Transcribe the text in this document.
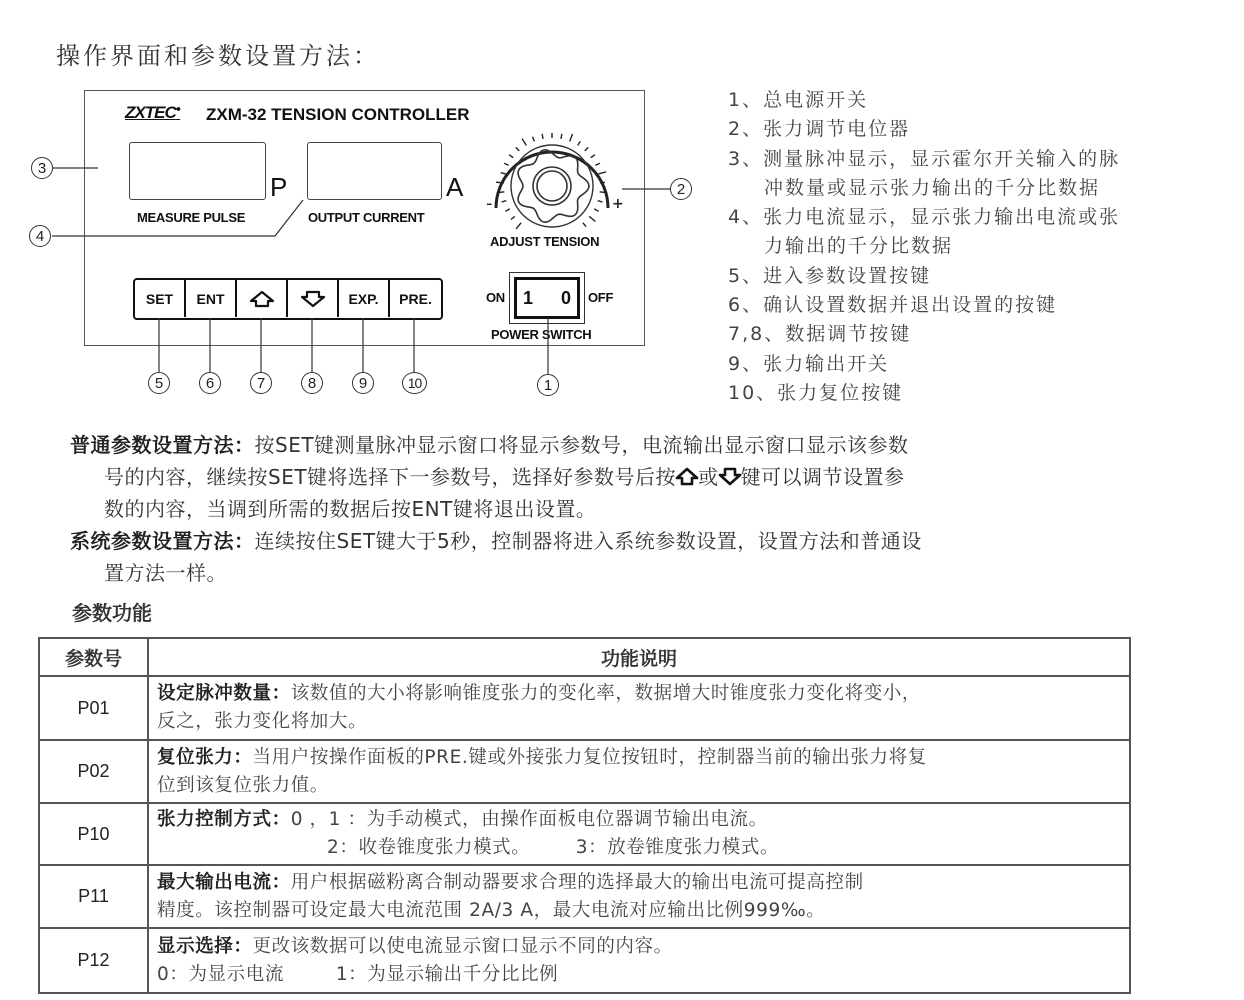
操作界面和参数设置方法：
ZXTEC● ZXM-32 TENSION CONTROLLER
P
MEASURE PULSE
A
OUTPUT CURRENT
-	+
ADJUST TENSION
SET	ENT	EXP.	PRE.	1 0
ON	OFF
POWER SWITCH
3
4
2
5	6	7	8	9	10	1
1、总电源开关
2、张力调节电位器
3、测量脉冲显示，显示霍尔开关输入的脉
冲数量或显示张力输出的千分比数据
4、张力电流显示，显示张力输出电流或张
力输出的千分比数据
5、进入参数设置按键
6、确认设置数据并退出设置的按键
7,8、数据调节按键
9、张力输出开关
10、张力复位按键
普通参数设置方法：按SET键测量脉冲显示窗口将显示参数号，电流输出显示窗口显示该参数
号的内容，继续按SET键将选择下一参数号，选择好参数号后按 或 键可以调节设置参
数的内容，当调到所需的数据后按ENT键将退出设置。
系统参数设置方法：连续按住SET键大于5秒，控制器将进入系统参数设置，设置方法和普通设
置方法一样。
参数功能
参数号	功能说明
P01	设定脉冲数量：该数值的大小将影响锥度张力的变化率，数据增大时锥度张力变化将变小，
反之，张力变化将加大。
P02	复位张力：当用户按操作面板的PRE.键或外接张力复位按钮时，控制器当前的输出张力将复
位到该复位张力值。
P10	张力控制方式：0 ，1 ：为手动模式，由操作面板电位器调节输出电流。
2：收卷锥度张力模式。       3：放卷锥度张力模式。
P11	最大输出电流：用户根据磁粉离合制动器要求合理的选择最大的输出电流可提高控制
精度。该控制器可设定最大电流范围 2A/3 A，最大电流对应输出比例999‰。
P12	显示选择：更改该数据可以使电流显示窗口显示不同的内容。
0：为显示电流        1：为显示输出千分比比例
